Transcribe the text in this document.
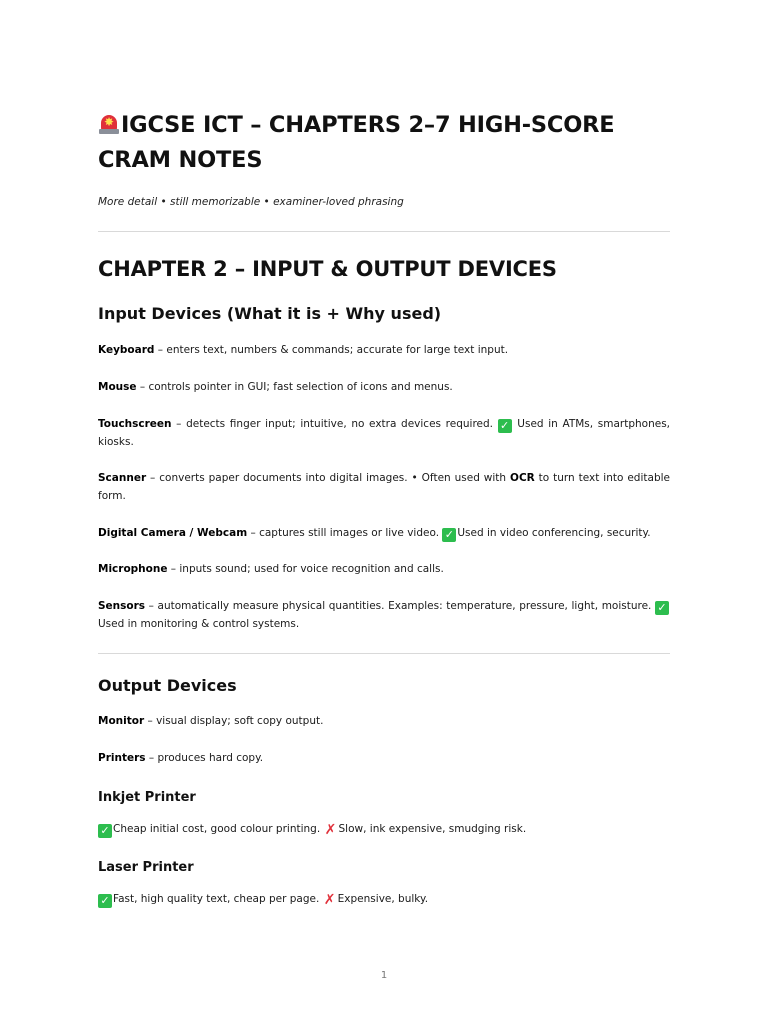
✸ IGCSE ICT – CHAPTERS 2–7 HIGH-SCORE CRAM NOTES

More detail • still memorizable • examiner-loved phrasing

CHAPTER 2 – INPUT & OUTPUT DEVICES
Input Devices (What it is + Why used)

Keyboard – enters text, numbers & commands; accurate for large text input.

Mouse – controls pointer in GUI; fast selection of icons and menus.

Touchscreen – detects finger input; intuitive, no extra devices required. ✓ Used in ATMs, smartphones, kiosks.

Scanner – converts paper documents into digital images. • Often used with OCR to turn text into editable form.

Digital Camera / Webcam – captures still images or live video. ✓ Used in video conferencing, security.

Microphone – inputs sound; used for voice recognition and calls.

Sensors – automatically measure physical quantities. Examples: temperature, pressure, light, moisture. ✓ Used in monitoring & control systems.

Output Devices

Monitor – visual display; soft copy output.

Printers – produces hard copy.

Inkjet Printer

✓ Cheap initial cost, good colour printing. ✗ Slow, ink expensive, smudging risk.

Laser Printer

✓ Fast, high quality text, cheap per page. ✗ Expensive, bulky.

1
